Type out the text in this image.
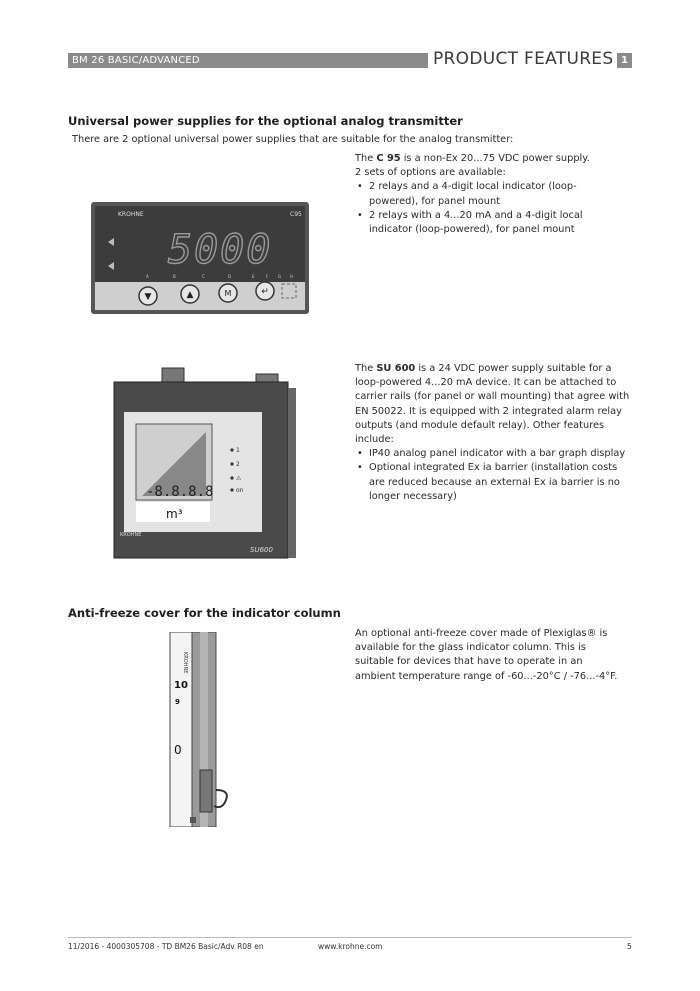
BM 26 BASIC/ADVANCED	PRODUCT FEATURES 1
Universal power supplies for the optional analog transmitter
There are 2 optional universal power supplies that are suitable for the analog transmitter:
The C 95 is a non-Ex 20...75 VDC power supply.
2 sets of options are available:
• 2 relays and a 4-digit local indicator (loop-powered), for panel mount
• 2 relays with a 4...20 mA and a 4-digit local indicator (loop-powered), for panel mount
KROHNE	C95
5000
A	B	C	D	E	F G H
▼	▲	M	↵
The SU 600 is a 24 VDC power supply suitable for a loop-powered 4...20 mA device. It can be attached to carrier rails (for panel or wall mounting) that agree with EN 50022. It is equipped with 2 integrated alarm relay outputs (and module default relay). Other features include:
• IP40 analog panel indicator with a bar graph display
• Optional integrated Ex ia barrier (installation costs are reduced because an external Ex ia barrier is no longer necessary)
-8.8.8.8
m³
1
2
⚠
on
KROHNE
SU600
Anti-freeze cover for the indicator column
An optional anti-freeze cover made of Plexiglas® is available for the glass indicator column. This is suitable for devices that have to operate in an ambient temperature range of -60...-20°C / -76...-4°F.
10
9
0
KROHNE
11/2016 - 4000305708 - TD BM26 Basic/Adv R08 en	www.krohne.com	5
